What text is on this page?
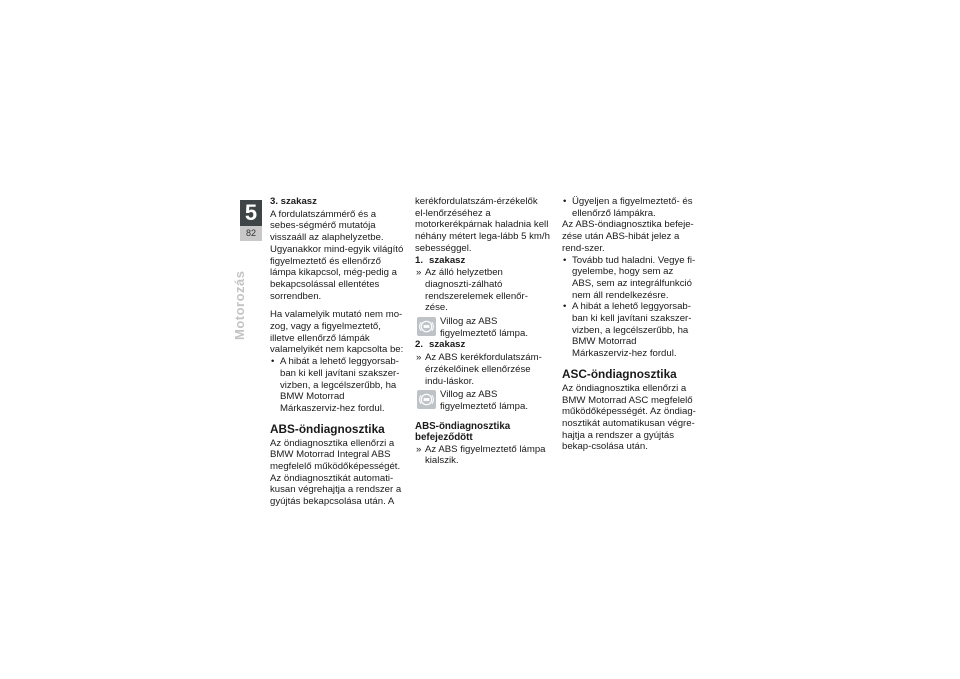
5
82
Motorozás

3. szakasz

A fordulatszámmérő és a sebes-ségmérő mutatója visszaáll az alaphelyzetbe. Ugyanakkor mind-egyik világító figyelmeztető és ellenőrző lámpa kikapcsol, még-pedig a bekapcsolással ellentétes sorrendben.

Ha valamelyik mutató nem mo-zog, vagy a figyelmeztető, illetve ellenőrző lámpák valamelyikét nem kapcsolta be:

• A hibát a lehető leggyorsab-ban ki kell javítani szakszer-vizben, a legcélszerűbb, ha BMW Motorrad Márkaszerviz-hez fordul.

ABS-öndiagnosztika

Az öndiagnosztika ellenőrzi a BMW Motorrad Integral ABS megfelelő működőképességét. Az öndiagnosztikát automati-kusan végrehajtja a rendszer a gyújtás bekapcsolása után. A

kerékfordulatszám-érzékelők el-lenőrzéséhez a motorkerékpárnak haladnia kell néhány métert lega-lább 5 km/h sebességgel.

1. szakasz

» Az álló helyzetben diagnoszti-zálható rendszerelemek ellenőr-zése.

Villog az ABS figyelmeztető lámpa.

2. szakasz

» Az ABS kerékfordulatszám-érzékelőinek ellenőrzése indu-láskor.

Villog az ABS figyelmeztető lámpa.
ABS-öndiagnosztika befejeződött

» Az ABS figyelmeztető lámpa kialszik.

• Ügyeljen a figyelmeztető- és ellenőrző lámpákra.

Az ABS-öndiagnosztika befeje-zése után ABS-hibát jelez a rend-szer.

• Tovább tud haladni. Vegye fi-gyelembe, hogy sem az ABS, sem az integrálfunkció nem áll rendelkezésre.

• A hibát a lehető leggyorsab-ban ki kell javítani szakszer-vizben, a legcélszerűbb, ha BMW Motorrad Márkaszerviz-hez fordul.

ASC-öndiagnosztika

Az öndiagnosztika ellenőrzi a BMW Motorrad ASC megfelelő működőképességét. Az öndiag-nosztikát automatikusan végre-hajtja a rendszer a gyújtás bekap-csolása után.
